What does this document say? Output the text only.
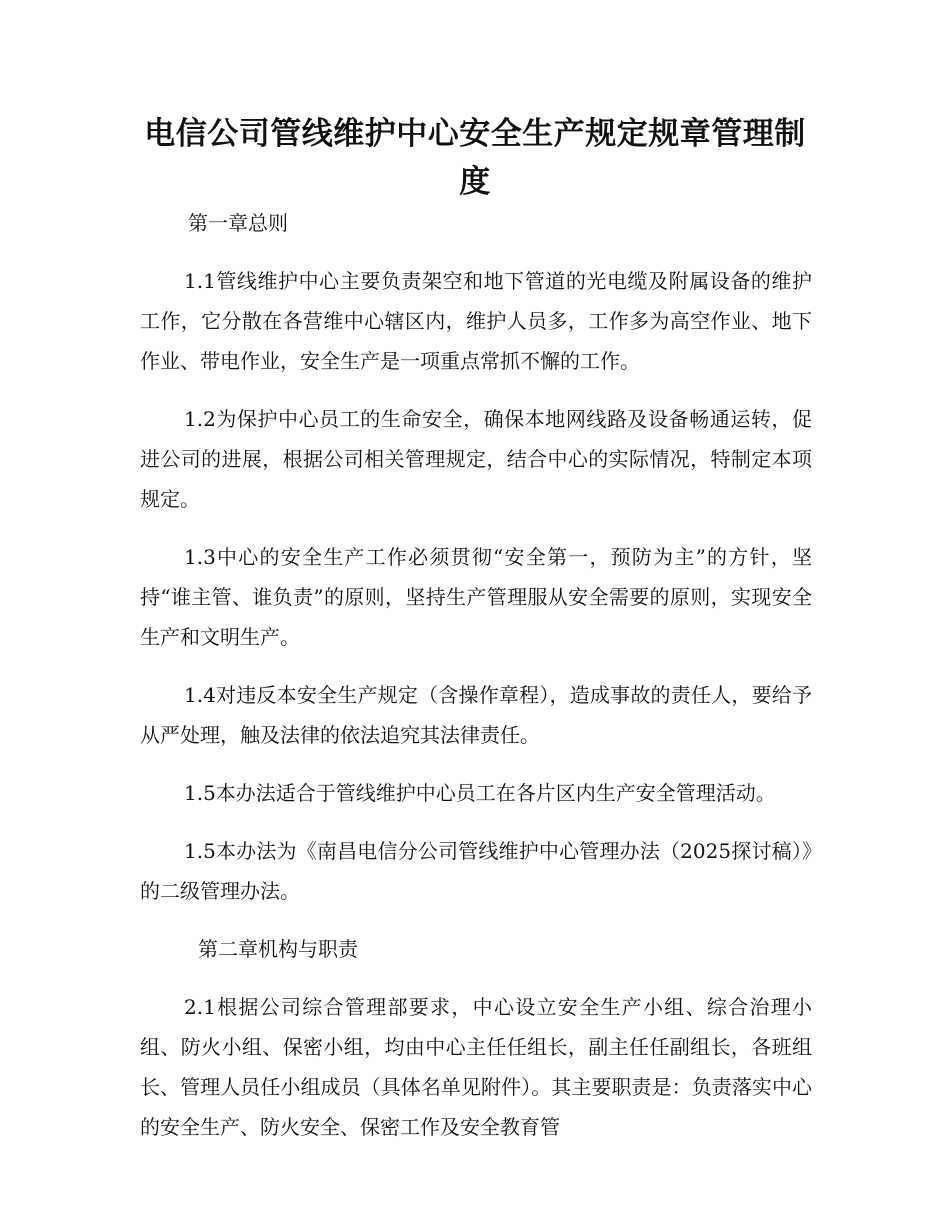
电信公司管线维护中心安全生产规定规章管理制度

第一章总则

1.1管线维护中心主要负责架空和地下管道的光电缆及附属设备的维护工作，它分散在各营维中心辖区内，维护人员多，工作多为高空作业、地下作业、带电作业，安全生产是一项重点常抓不懈的工作。

1.2为保护中心员工的生命安全，确保本地网线路及设备畅通运转，促进公司的进展，根据公司相关管理规定，结合中心的实际情况，特制定本项规定。

1.3中心的安全生产工作必须贯彻“安全第一，预防为主”的方针，坚持“谁主管、谁负责”的原则，坚持生产管理服从安全需要的原则，实现安全生产和文明生产。

1.4对违反本安全生产规定（含操作章程），造成事故的责任人，要给予从严处理，触及法律的依法追究其法律责任。

1.5本办法适合于管线维护中心员工在各片区内生产安全管理活动。

1.5本办法为《南昌电信分公司管线维护中心管理办法（2025探讨稿）》的二级管理办法。

第二章机构与职责

2.1根据公司综合管理部要求，中心设立安全生产小组、综合治理小组、防火小组、保密小组，均由中心主任任组长，副主任任副组长，各班组长、管理人员任小组成员（具体名单见附件）。其主要职责是：负责落实中心的安全生产、防火安全、保密工作及安全教育管
